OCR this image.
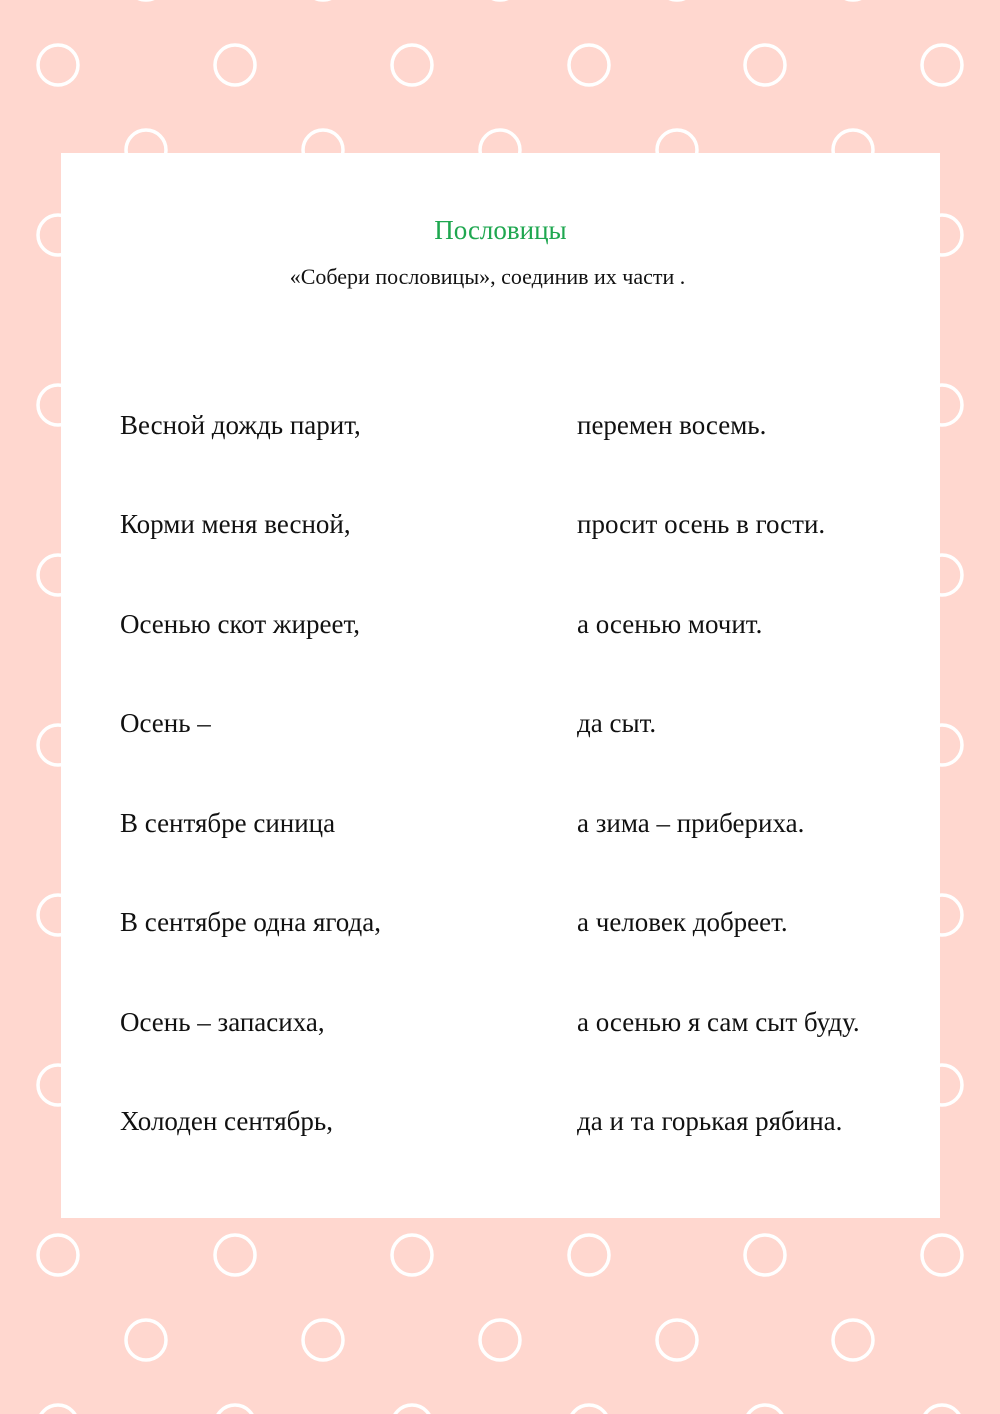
Пословицы
«Собери пословицы», соединив их части .
Весной дождь парит,	перемен восемь.
Корми меня весной,	просит осень в гости.
Осенью скот жиреет,	а осенью мочит.
Осень –	да сыт.
В сентябре синица	а зима – прибериха.
В сентябре одна ягода,	а человек добреет.
Осень – запасиха,	а осенью я сам сыт буду.
Холоден сентябрь,	да и та горькая рябина.
